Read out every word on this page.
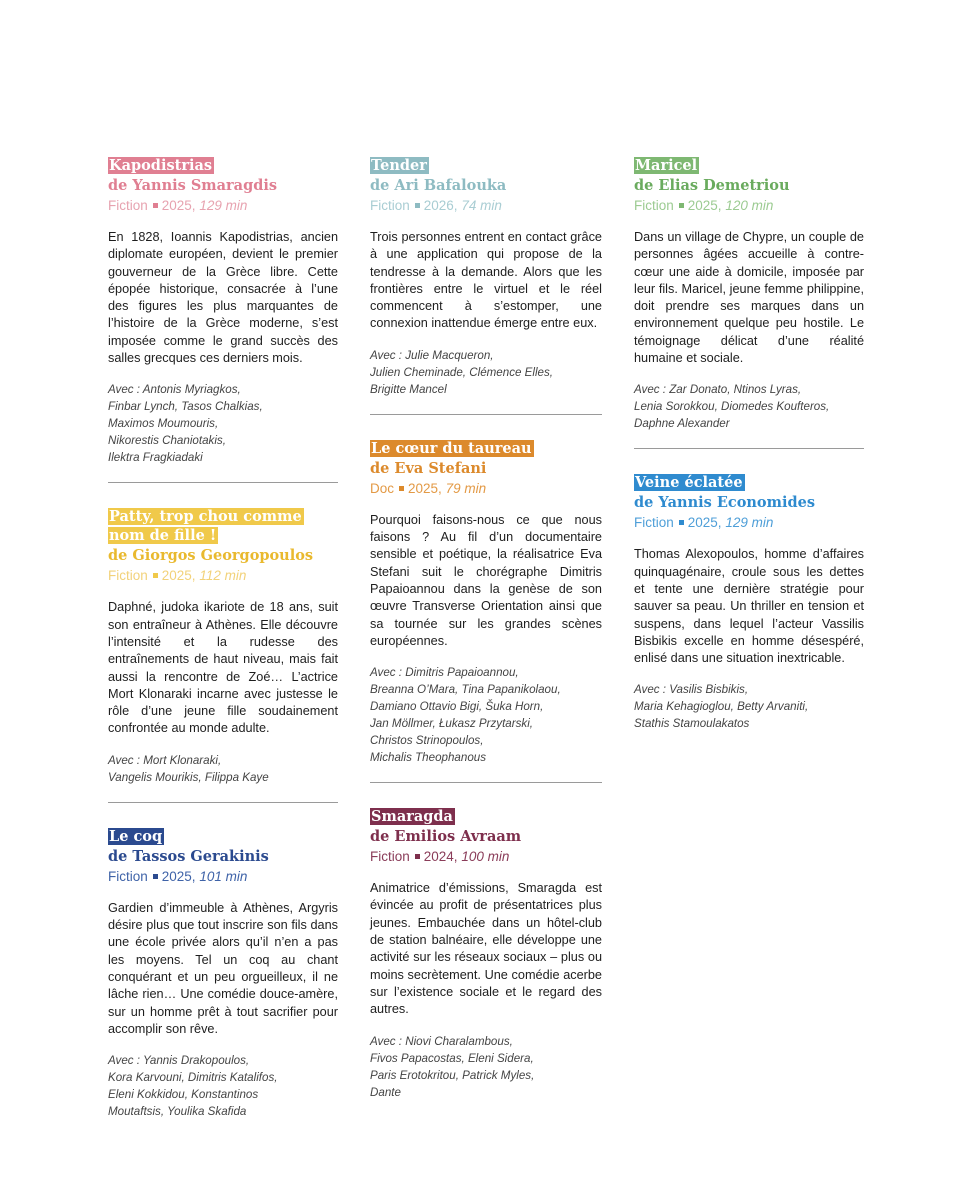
Kapodistrias
de Yannis Smaragdis
Fiction 2025, 129 min
En 1828, Ioannis Kapodistrias, ancien diplomate européen, devient le premier gouverneur de la Grèce libre. Cette épopée historique, consacrée à l’une des figures les plus marquantes de l’histoire de la Grèce moderne, s’est imposée comme le grand succès des salles grecques ces derniers mois.
Avec : Antonis Myriagkos,
Finbar Lynch, Tasos Chalkias,
Maximos Moumouris,
Nikorestis Chaniotakis,
Ilektra Fragkiadaki
Patty, trop chou comme
nom de fille !
de Giorgos Georgopoulos
Fiction 2025, 112 min
Daphné, judoka ikariote de 18 ans, suit son entraîneur à Athènes. Elle découvre l’intensité et la rudesse des entraînements de haut niveau, mais fait aussi la rencontre de Zoé… L’actrice Mort Klonaraki incarne avec justesse le rôle d’une jeune fille soudainement confrontée au monde adulte.
Avec : Mort Klonaraki,
Vangelis Mourikis, Filippa Kaye
Le coq
de Tassos Gerakinis
Fiction 2025, 101 min
Gardien d’immeuble à Athènes, Argyris désire plus que tout inscrire son fils dans une école privée alors qu’il n’en a pas les moyens. Tel un coq au chant conquérant et un peu orgueilleux, il ne lâche rien… Une comédie douce-amère, sur un homme prêt à tout sacrifier pour accomplir son rêve.
Avec : Yannis Drakopoulos,
Kora Karvouni, Dimitris Katalifos,
Eleni Kokkidou, Konstantinos
Moutaftsis, Youlika Skafida
Tender
de Ari Bafalouka
Fiction 2026, 74 min
Trois personnes entrent en contact grâce à une application qui propose de la tendresse à la demande. Alors que les frontières entre le virtuel et le réel commencent à s’estomper, une connexion inattendue émerge entre eux.
Avec : Julie Macqueron,
Julien Cheminade, Clémence Elles,
Brigitte Mancel
Le cœur du taureau
de Eva Stefani
Doc 2025, 79 min
Pourquoi faisons-nous ce que nous faisons ? Au fil d’un documentaire sensible et poétique, la réalisatrice Eva Stefani suit le chorégraphe Dimitris Papaioannou dans la genèse de son œuvre Transverse Orientation ainsi que sa tournée sur les grandes scènes européennes.
Avec : Dimitris Papaioannou,
Breanna O’Mara, Tina Papanikolaou,
Damiano Ottavio Bigi, Šuka Horn,
Jan Möllmer, Łukasz Przytarski,
Christos Strinopoulos,
Michalis Theophanous
Smaragda
de Emilios Avraam
Fiction 2024, 100 min
Animatrice d’émissions, Smaragda est évincée au profit de présentatrices plus jeunes. Embauchée dans un hôtel-club de station balnéaire, elle développe une activité sur les réseaux sociaux – plus ou moins secrètement. Une comédie acerbe sur l’existence sociale et le regard des autres.
Avec : Niovi Charalambous,
Fivos Papacostas, Eleni Sidera,
Paris Erotokritou, Patrick Myles,
Dante
Maricel
de Elias Demetriou
Fiction 2025, 120 min
Dans un village de Chypre, un couple de personnes âgées accueille à contre-cœur une aide à domicile, imposée par leur fils. Maricel, jeune femme philippine, doit prendre ses marques dans un environnement quelque peu hostile. Le témoignage délicat d’une réalité humaine et sociale.
Avec : Zar Donato, Ntinos Lyras,
Lenia Sorokkou, Diomedes Koufteros,
Daphne Alexander
Veine éclatée
de Yannis Economides
Fiction 2025, 129 min
Thomas Alexopoulos, homme d’affaires quinquagénaire, croule sous les dettes et tente une dernière stratégie pour sauver sa peau. Un thriller en tension et suspens, dans lequel l’acteur Vassilis Bisbikis excelle en homme désespéré, enlisé dans une situation inextricable.
Avec : Vasilis Bisbikis,
Maria Kehagioglou, Betty Arvaniti,
Stathis Stamoulakatos
